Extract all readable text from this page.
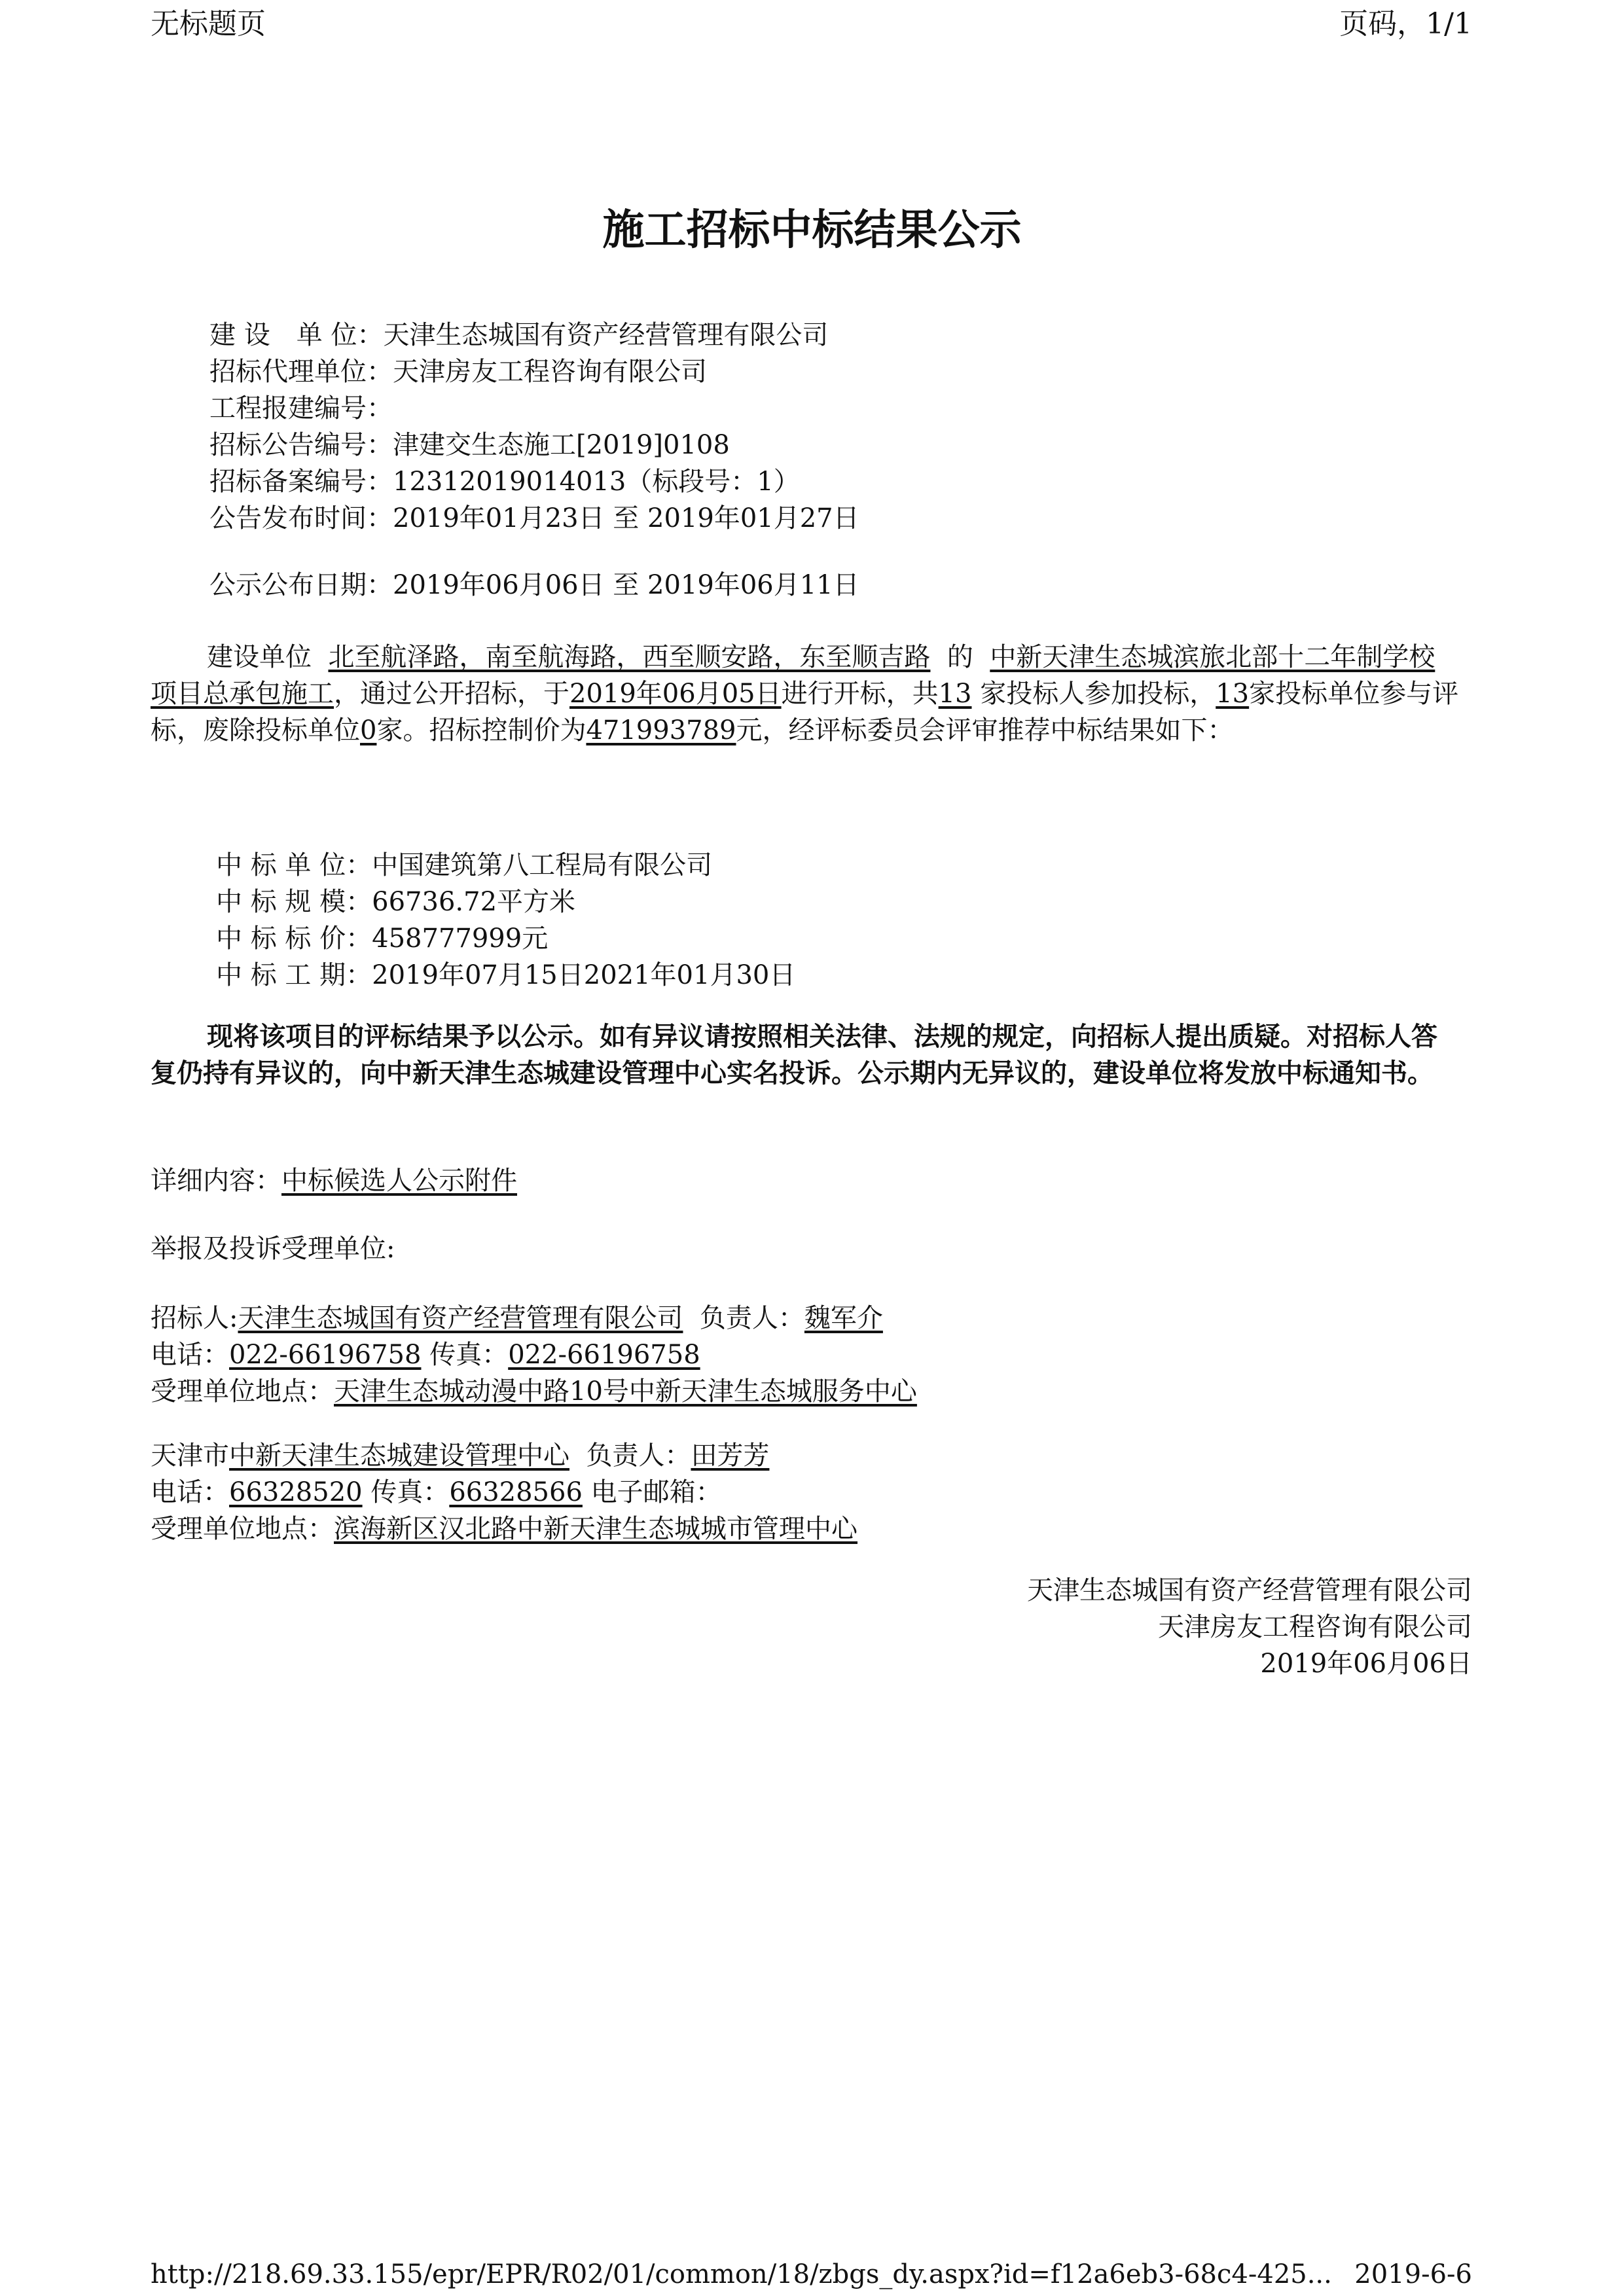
无标题页	页码，1/1
施工招标中标结果公示
建 设　单 位：天津生态城国有资产经营管理有限公司
招标代理单位：天津房友工程咨询有限公司
工程报建编号：
招标公告编号：津建交生态施工[2019]0108
招标备案编号：12312019014013（标段号：1）
公告发布时间：2019年01月23日 至 2019年01月27日
公示公布日期：2019年06月06日 至 2019年06月11日
建设单位 北至航泽路，南至航海路，西至顺安路，东至顺吉路 的 中新天津生态城滨旅北部十二年制学校项目总承包施工，通过公开招标，于2019年06月05日进行开标，共13 家投标人参加投标，13家投标单位参与评标，废除投标单位0家。招标控制价为471993789元，经评标委员会评审推荐中标结果如下：
中 标 单 位：中国建筑第八工程局有限公司
中 标 规 模：66736.72平方米
中 标 标 价：458777999元
中 标 工 期：2019年07月15日2021年01月30日
现将该项目的评标结果予以公示。如有异议请按照相关法律、法规的规定，向招标人提出质疑。对招标人答复仍持有异议的，向中新天津生态城建设管理中心实名投诉。公示期内无异议的，建设单位将发放中标通知书。
详细内容：中标候选人公示附件
举报及投诉受理单位:
招标人:天津生态城国有资产经营管理有限公司 负责人：魏军介
电话：022-66196758 传真：022-66196758
受理单位地点：天津生态城动漫中路10号中新天津生态城服务中心
天津市中新天津生态城建设管理中心 负责人：田芳芳
电话：66328520 传真：66328566 电子邮箱：
受理单位地点：滨海新区汉北路中新天津生态城城市管理中心
天津生态城国有资产经营管理有限公司
天津房友工程咨询有限公司
2019年06月06日
http://218.69.33.155/epr/EPR/R02/01/common/18/zbgs_dy.aspx?id=f12a6eb3-68c4-425... 2019-6-6
